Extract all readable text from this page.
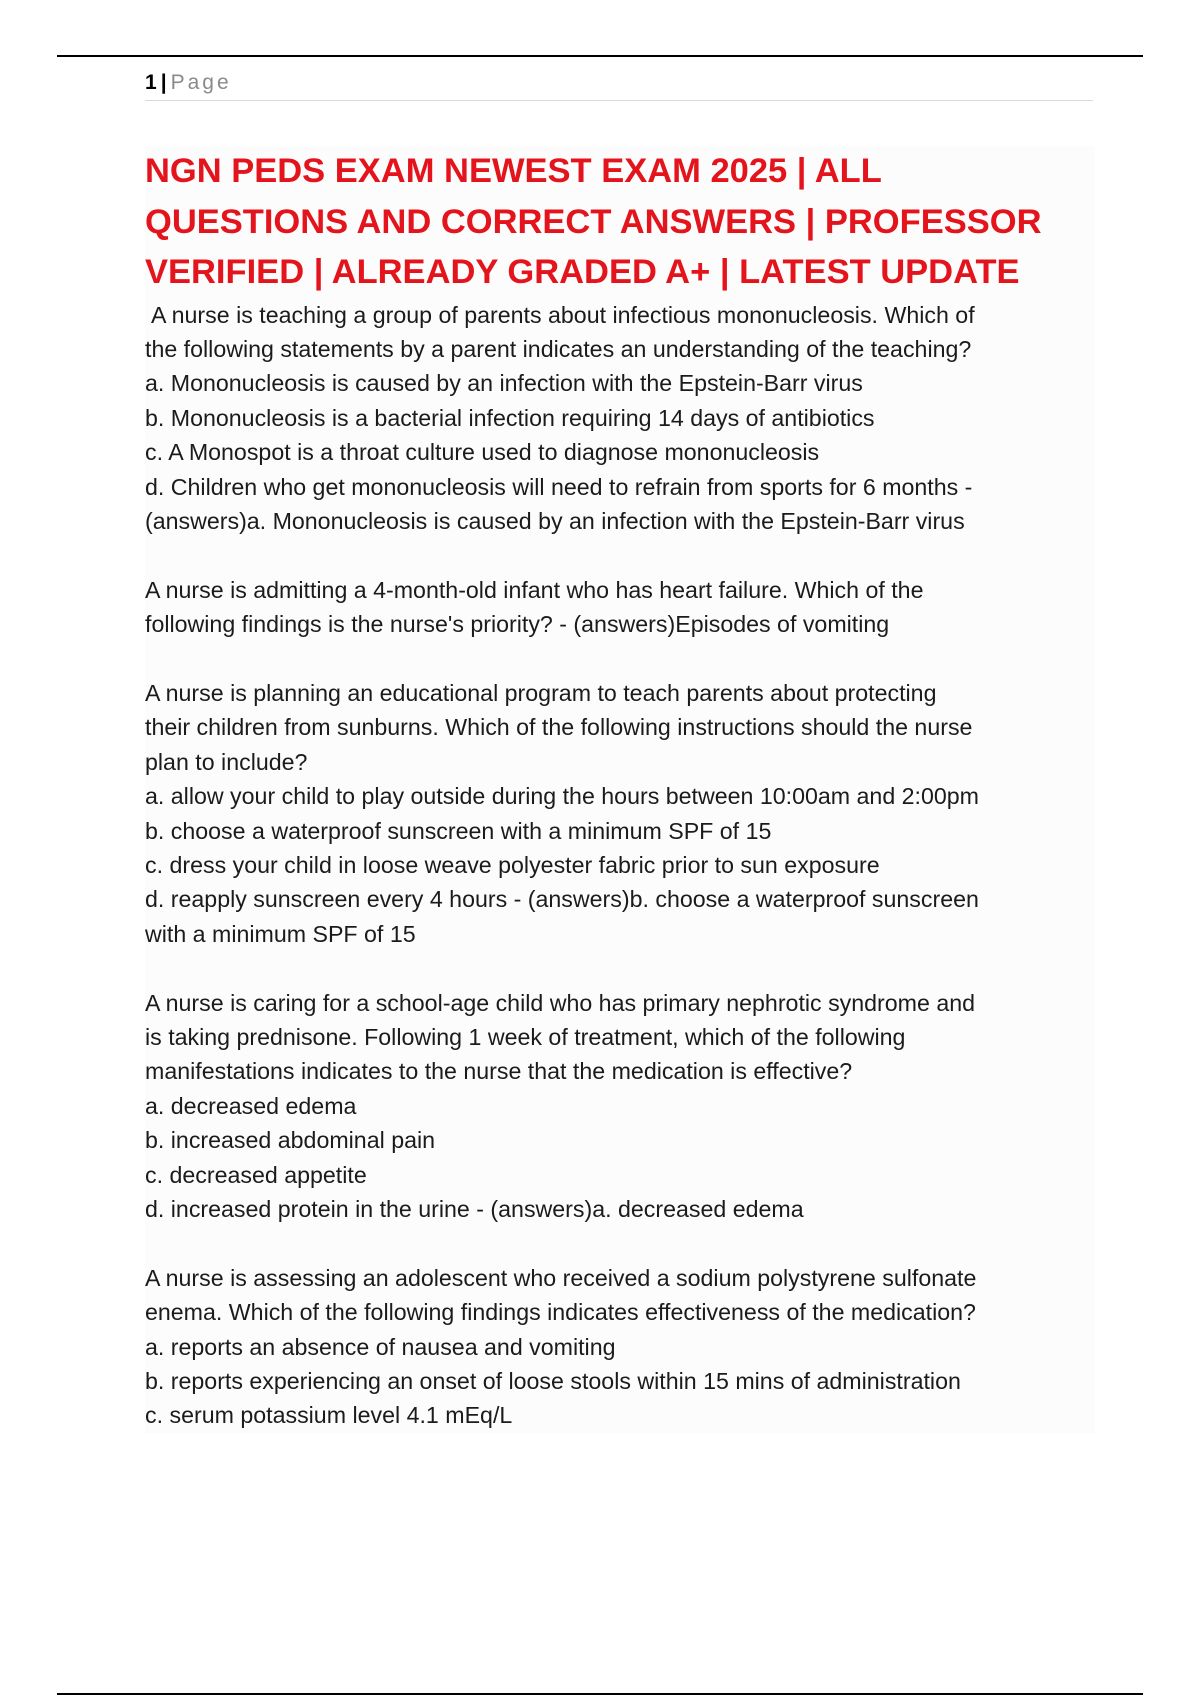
1 | Page
NGN PEDS EXAM NEWEST EXAM 2025 | ALL
QUESTIONS AND CORRECT ANSWERS | PROFESSOR
VERIFIED | ALREADY GRADED A+ | LATEST UPDATE
A nurse is teaching a group of parents about infectious mononucleosis. Which of
the following statements by a parent indicates an understanding of the teaching?
a. Mononucleosis is caused by an infection with the Epstein-Barr virus
b. Mononucleosis is a bacterial infection requiring 14 days of antibiotics
c. A Monospot is a throat culture used to diagnose mononucleosis
d. Children who get mononucleosis will need to refrain from sports for 6 months -
(answers)a. Mononucleosis is caused by an infection with the Epstein-Barr virus
A nurse is admitting a 4-month-old infant who has heart failure. Which of the
following findings is the nurse's priority? - (answers)Episodes of vomiting
A nurse is planning an educational program to teach parents about protecting
their children from sunburns. Which of the following instructions should the nurse
plan to include?
a. allow your child to play outside during the hours between 10:00am and 2:00pm
b. choose a waterproof sunscreen with a minimum SPF of 15
c. dress your child in loose weave polyester fabric prior to sun exposure
d. reapply sunscreen every 4 hours - (answers)b. choose a waterproof sunscreen
with a minimum SPF of 15
A nurse is caring for a school-age child who has primary nephrotic syndrome and
is taking prednisone. Following 1 week of treatment, which of the following
manifestations indicates to the nurse that the medication is effective?
a. decreased edema
b. increased abdominal pain
c. decreased appetite
d. increased protein in the urine - (answers)a. decreased edema
A nurse is assessing an adolescent who received a sodium polystyrene sulfonate
enema. Which of the following findings indicates effectiveness of the medication?
a. reports an absence of nausea and vomiting
b. reports experiencing an onset of loose stools within 15 mins of administration
c. serum potassium level 4.1 mEq/L
